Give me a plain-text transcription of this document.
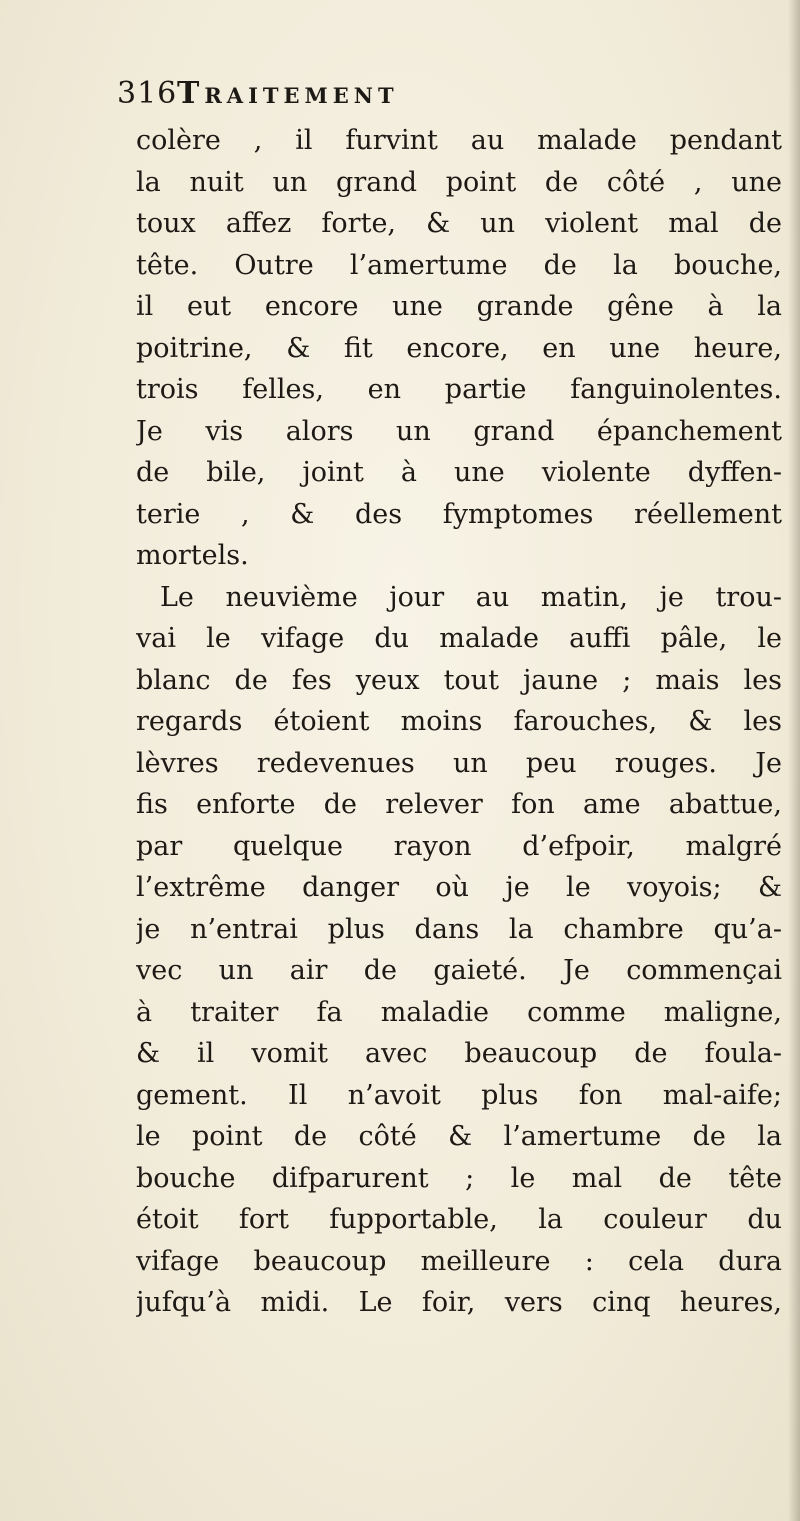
316 Traitement
colère , il furvint au malade pendant
la nuit un grand point de côté , une
toux affez forte, & un violent mal de
tête. Outre l’amertume de la bouche,
il eut encore une grande gêne à la
poitrine, & fit encore, en une heure,
trois felles, en partie fanguinolentes.
Je vis alors un grand épanchement
de bile, joint à une violente dyffen-
terie , & des fymptomes réellement
mortels.
Le neuvième jour au matin, je trou-
vai le vifage du malade auffi pâle, le
blanc de fes yeux tout jaune ; mais les
regards étoient moins farouches, & les
lèvres redevenues un peu rouges. Je
fis enforte de relever fon ame abattue,
par quelque rayon d’efpoir, malgré
l’extrême danger où je le voyois; &
je n’entrai plus dans la chambre qu’a-
vec un air de gaieté. Je commençai
à traiter fa maladie comme maligne,
& il vomit avec beaucoup de foula-
gement. Il n’avoit plus fon mal-aife;
le point de côté & l’amertume de la
bouche difparurent ; le mal de tête
étoit fort fupportable, la couleur du
vifage beaucoup meilleure : cela dura
jufqu’à midi. Le foir, vers cinq heures,
